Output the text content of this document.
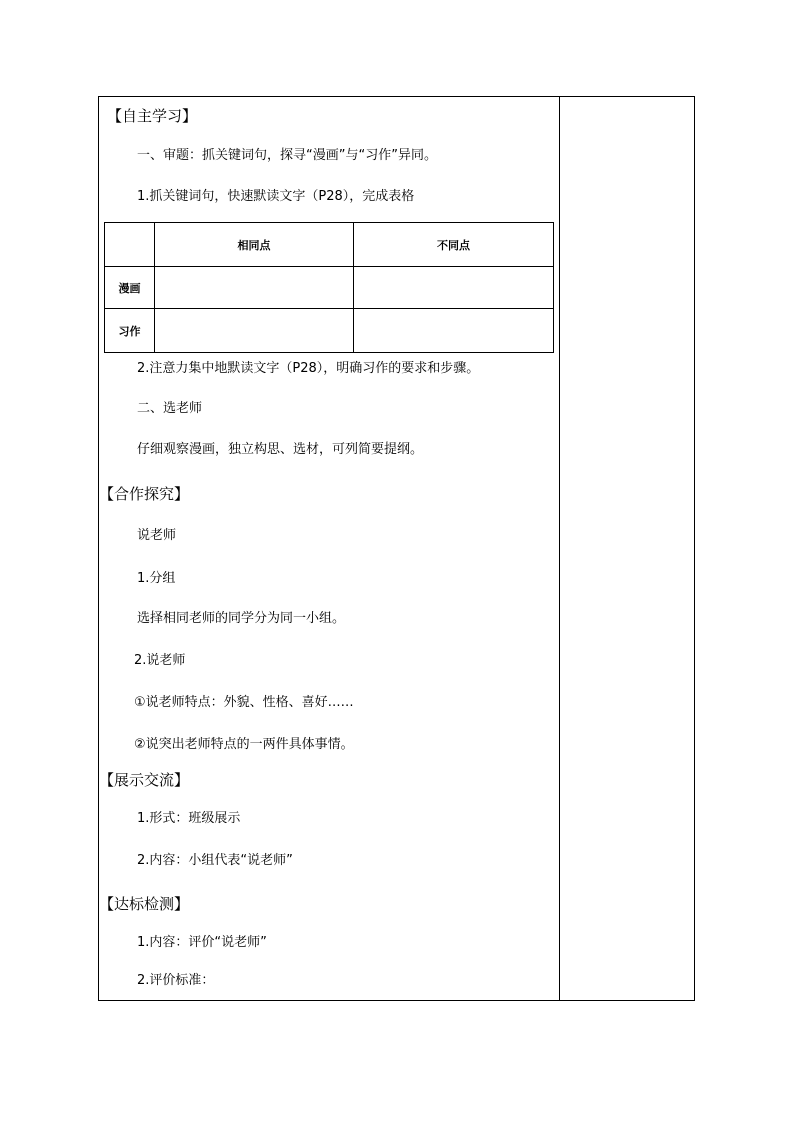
【自主学习】
一、审题：抓关键词句，探寻“漫画”与“习作”异同。
1.抓关键词句，快速默读文字（P28），完成表格
	相同点	不同点
漫画		
习作		
2.注意力集中地默读文字（P28），明确习作的要求和步骤。
二、选老师
仔细观察漫画，独立构思、选材，可列简要提纲。
【合作探究】
说老师
1.分组
选择相同老师的同学分为同一小组。
2.说老师
①说老师特点：外貌、性格、喜好……
②说突出老师特点的一两件具体事情。
【展示交流】
1.形式：班级展示
2.内容：小组代表“说老师”
【达标检测】
1.内容：评价“说老师”
2.评价标准：
